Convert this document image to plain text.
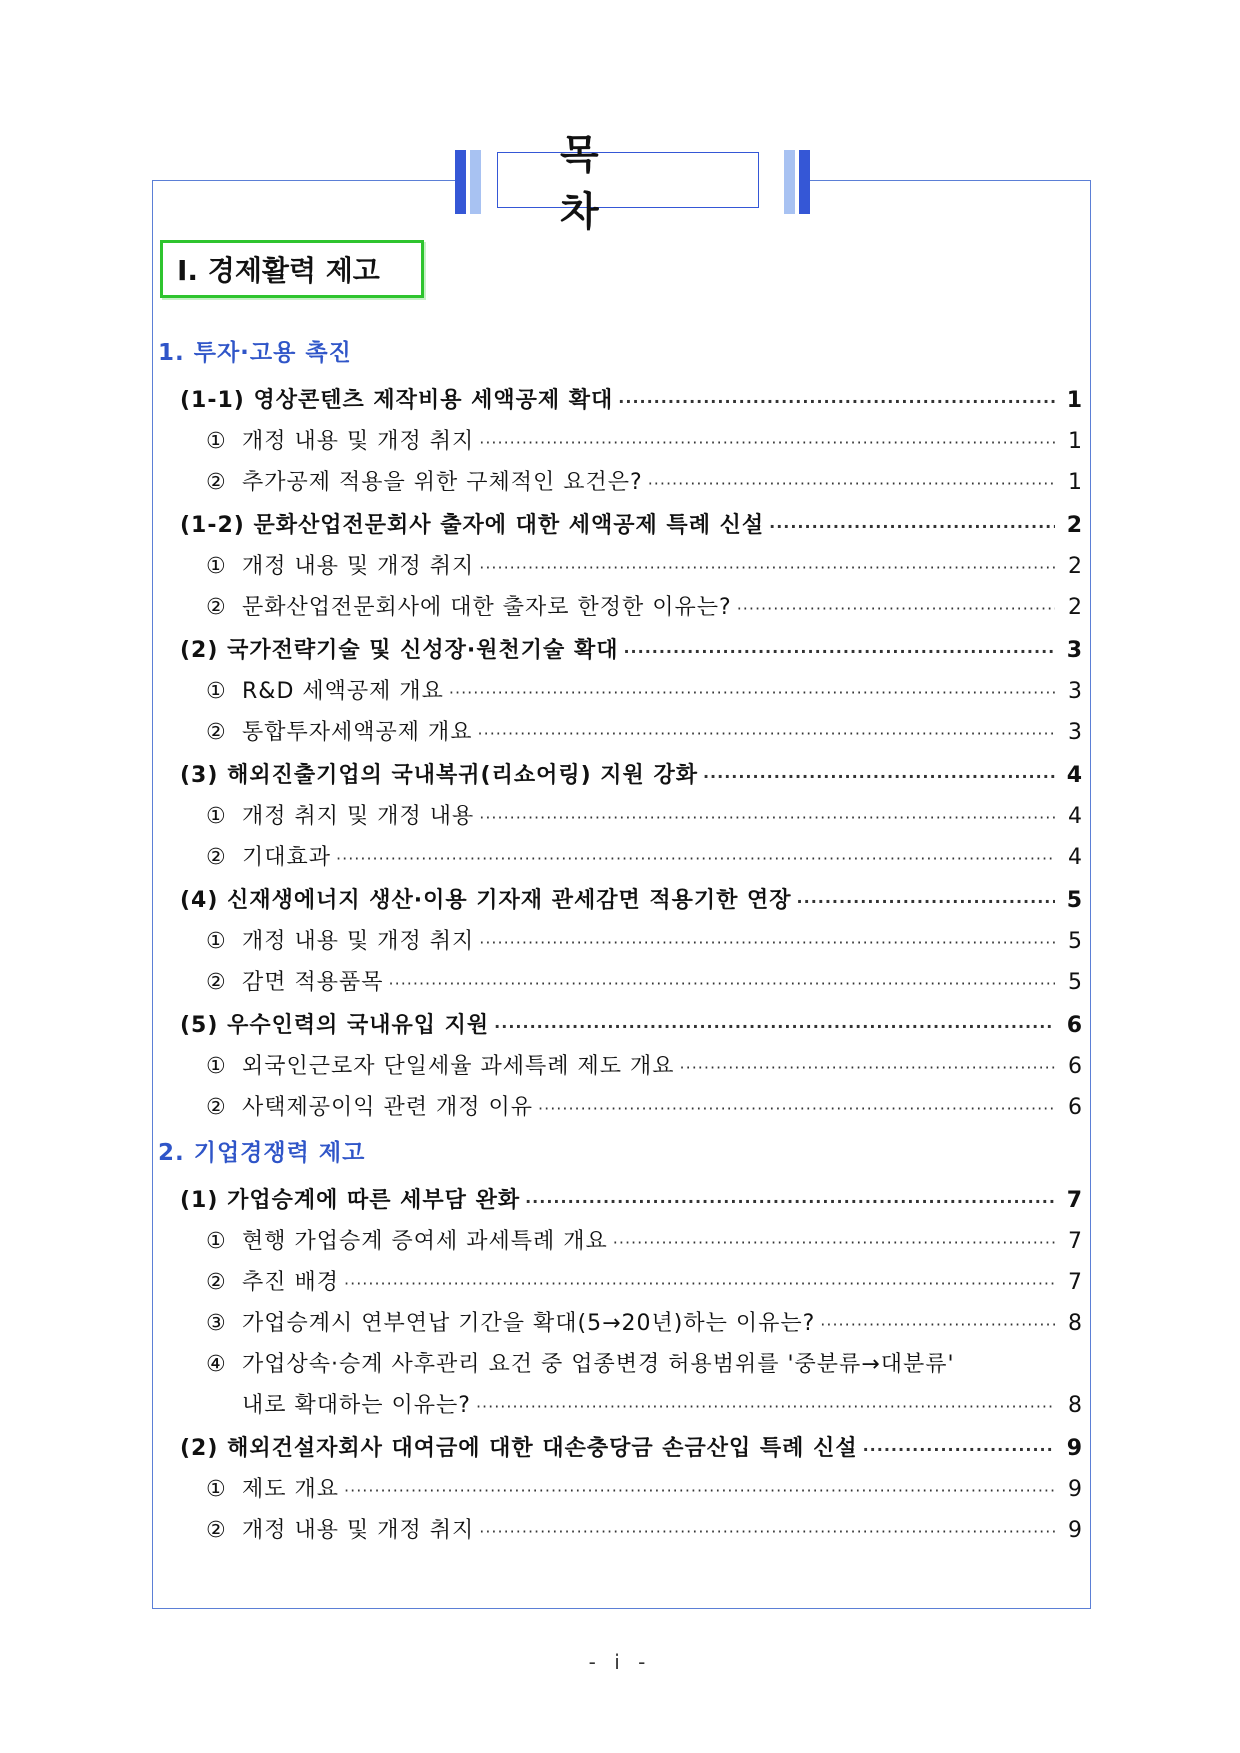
목 차
Ⅰ. 경제활력 제고
1. 투자·고용 촉진
(1-1) 영상콘텐츠 제작비용 세액공제 확대 ·····	1
① 개정 내용 및 개정 취지 ·····	1
② 추가공제 적용을 위한 구체적인 요건은? ·····	1
(1-2) 문화산업전문회사 출자에 대한 세액공제 특례 신설 ·····	2
① 개정 내용 및 개정 취지 ·····	2
② 문화산업전문회사에 대한 출자로 한정한 이유는? ·····	2
(2) 국가전략기술 및 신성장·원천기술 확대 ·····	3
① R&D 세액공제 개요 ·····	3
② 통합투자세액공제 개요 ·····	3
(3) 해외진출기업의 국내복귀(리쇼어링) 지원 강화 ·····	4
① 개정 취지 및 개정 내용 ·····	4
② 기대효과 ·····	4
(4) 신재생에너지 생산·이용 기자재 관세감면 적용기한 연장 ·····	5
① 개정 내용 및 개정 취지 ·····	5
② 감면 적용품목 ·····	5
(5) 우수인력의 국내유입 지원 ·····	6
① 외국인근로자 단일세율 과세특례 제도 개요 ·····	6
② 사택제공이익 관련 개정 이유 ·····	6
2. 기업경쟁력 제고
(1) 가업승계에 따른 세부담 완화 ·····	7
① 현행 가업승계 증여세 과세특례 개요 ·····	7
② 추진 배경 ·····	7
③ 가업승계시 연부연납 기간을 확대(5→20년)하는 이유는? ·····	8
④ 가업상속·승계 사후관리 요건 중 업종변경 허용범위를 '중분류→대분류'
내로 확대하는 이유는? ·····	8
(2) 해외건설자회사 대여금에 대한 대손충당금 손금산입 특례 신설 ·····	9
① 제도 개요 ·····	9
② 개정 내용 및 개정 취지 ·····	9
- i -
